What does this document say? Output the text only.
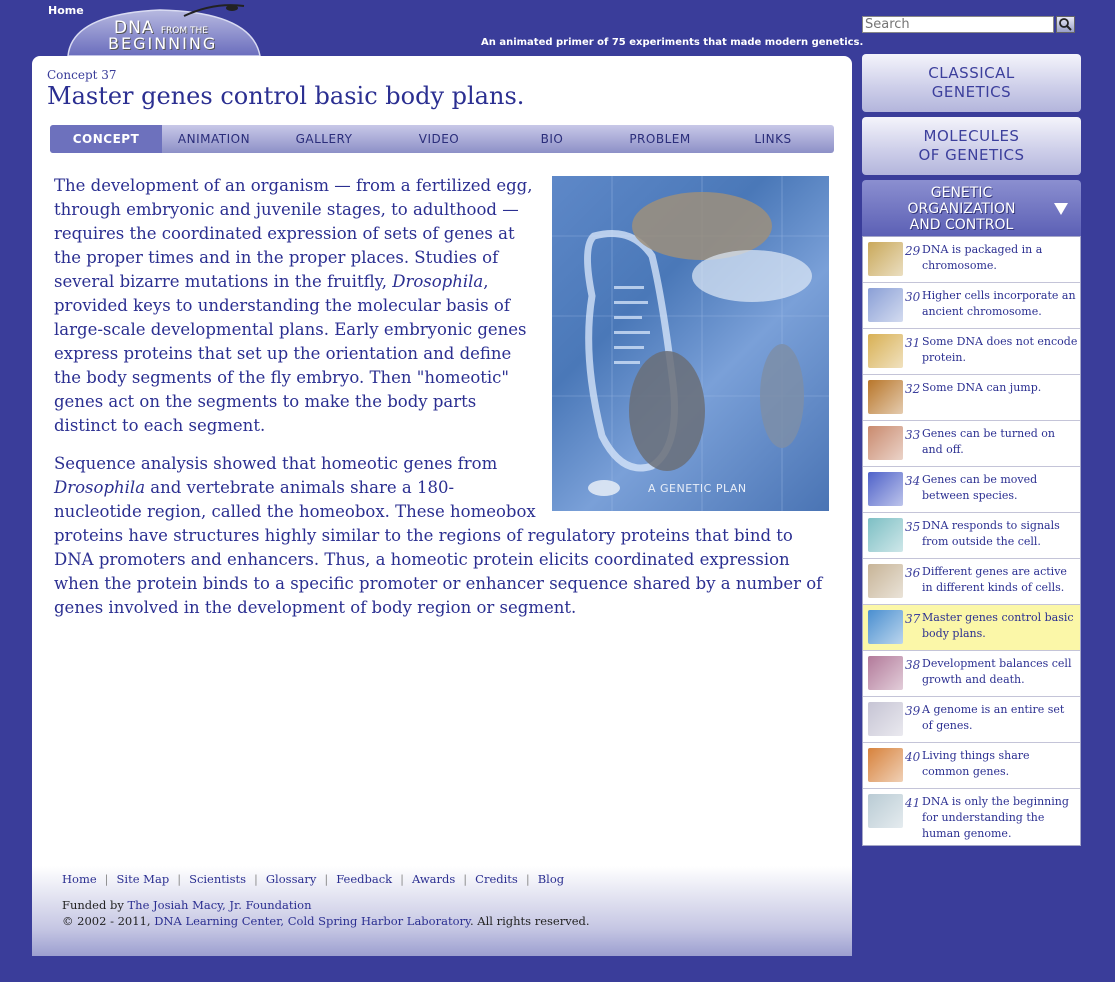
Home
DNA FROM THE
BEGINNING	An animated primer of 75 experiments that made modern genetics.
Search
Concept 37
Master genes control basic body plans.
CONCEPT	ANIMATION	GALLERY	VIDEO	BIO	PROBLEM	LINKS

The development of an organism — from a fertilized egg, through embryonic and juvenile stages, to adulthood — requires the coordinated expression of sets of genes at the proper times and in the proper places. Studies of several bizarre mutations in the fruitfly, Drosophila, provided keys to understanding the molecular basis of large-scale developmental plans. Early embryonic genes express proteins that set up the orientation and define the body segments of the fly embryo. Then "homeotic" genes act on the segments to make the body parts distinct to each segment.

Sequence analysis showed that homeotic genes from Drosophila and vertebrate animals share a 180-nucleotide region, called the homeobox. These homeobox proteins have structures highly similar to the regions of regulatory proteins that bind to DNA promoters and enhancers. Thus, a homeotic protein elicits coordinated expression when the protein binds to a specific promoter or enhancer sequence shared by a number of genes involved in the development of body region or segment.

A GENETIC PLAN
Home | Site Map | Scientists | Glossary | Feedback | Awards | Credits | Blog
Funded by The Josiah Macy, Jr. Foundation
© 2002 - 2011, DNA Learning Center, Cold Spring Harbor Laboratory. All rights reserved.
CLASSICAL
GENETICS
MOLECULES
OF GENETICS
GENETIC
ORGANIZATION
AND CONTROL
29 DNA is packaged in a chromosome.
30 Higher cells incorporate an ancient chromosome.
31 Some DNA does not encode protein.
32 Some DNA can jump.
33 Genes can be turned on and off.
34 Genes can be moved between species.
35 DNA responds to signals from outside the cell.
36 Different genes are active in different kinds of cells.
37 Master genes control basic body plans.
38 Development balances cell growth and death.
39 A genome is an entire set of genes.
40 Living things share common genes.
41 DNA is only the beginning for understanding the human genome.
